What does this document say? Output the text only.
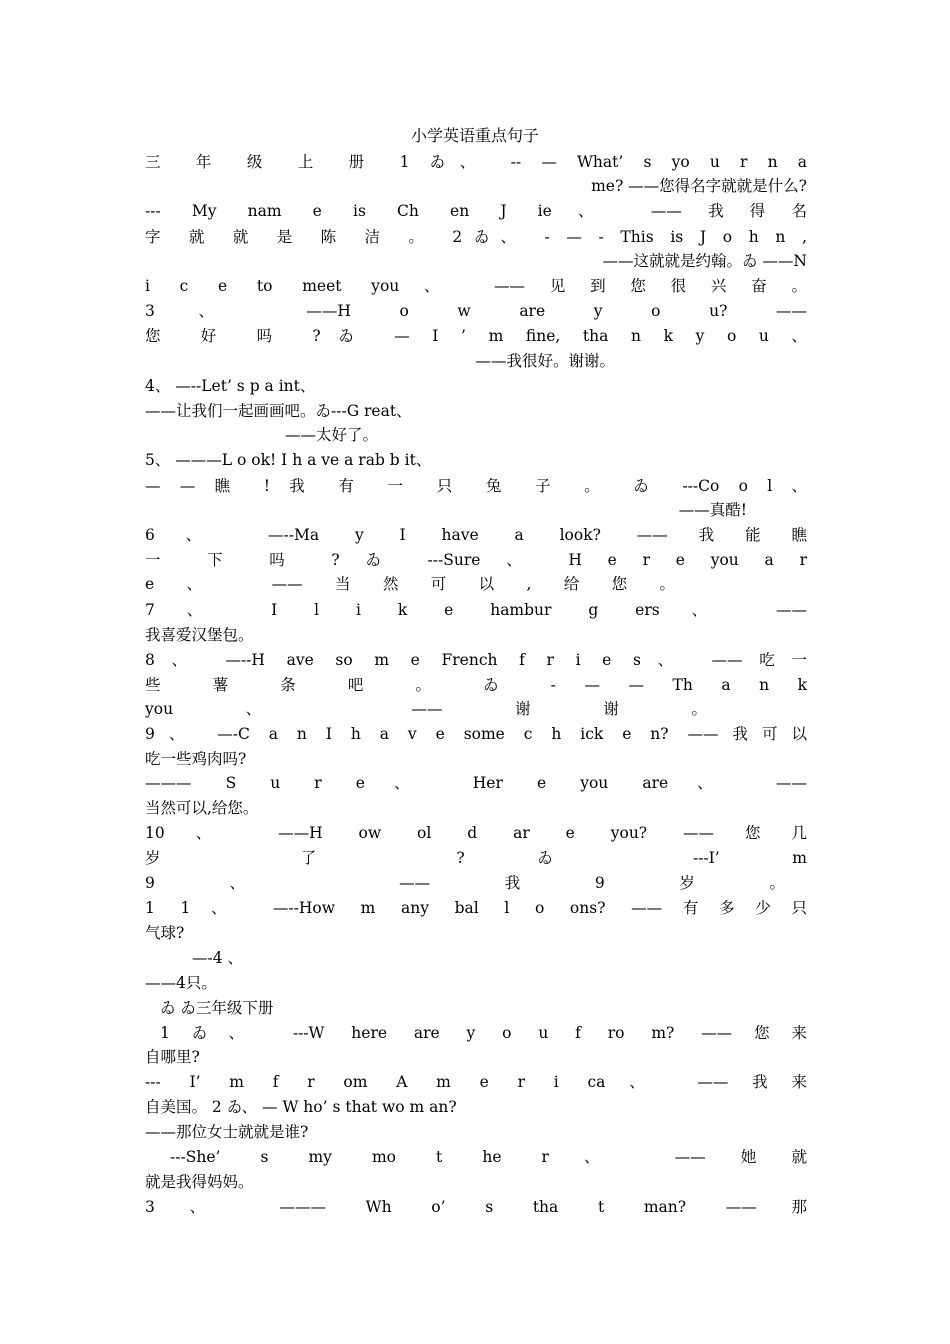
小学英语重点句子
三 年 级 上 册 1 ゐ、 -- — What’ s yo u r n a
me? ——您得名字就就是什么?
--- My nam e is Ch en J ie、 ——我得名
字 就 就 是 陈 洁 。 2ゐ、 - — - This is J o h n ,
——这就就是约翰。ゐ ——N
i c e to meet you、 ——见到您很兴奋。
3、 ——H o w are y o u? ——
您 好 吗 ?ゐ — I ’ m fine, tha n k y o u 、
——我很好。谢谢。
4、 —--Let’ s p a int、
——让我们一起画画吧。ゐ---G reat、
——太好了。
5、 ———L o ok! I h a ve a rab b it、
— — 瞧 ! 我 有 一 只 兔 子 。 ゐ ---Co o l 、
——真酷!
6、 —--Ma y I have a look? ——我能瞧
一 下 吗 ? ゐ ---Sure 、 H e r e you a r
e、 ——当然可以,给您。
7、 I l i k e hambur g ers、 ——
我喜爱汉堡包。
8、 —--H ave so m e French f r i e s、 ——吃一
些 薯 条 吧 。 ゐ - — — Th a n k
you、 ——谢谢。
9、 —-C a n I h a v e some c h ick e n? ——我可以
吃一些鸡肉吗?
——— S u r e、 Her e you are、 ——
当然可以,给您。
10、 ——H ow ol d ar e you? ——您几
岁 了 ? ゐ ---I’ m
9、 ——我9岁。
1 1、 —--How m any bal l o ons? ——有多少只
气球?
—-4 、
——4只。
ゐ ゐ三年级下册
1ゐ、 ---W here are y o u f ro m? ——您来
自哪里?
--- I’ m f r om A m e r i ca、 ——我来
自美国。 2 ゐ、 — W ho’ s that wo m an?
——那位女士就就是谁?
---She’ s my mo t he r、 ——她就
就是我得妈妈。
3、 ——— Wh o’ s tha t man? ——那
